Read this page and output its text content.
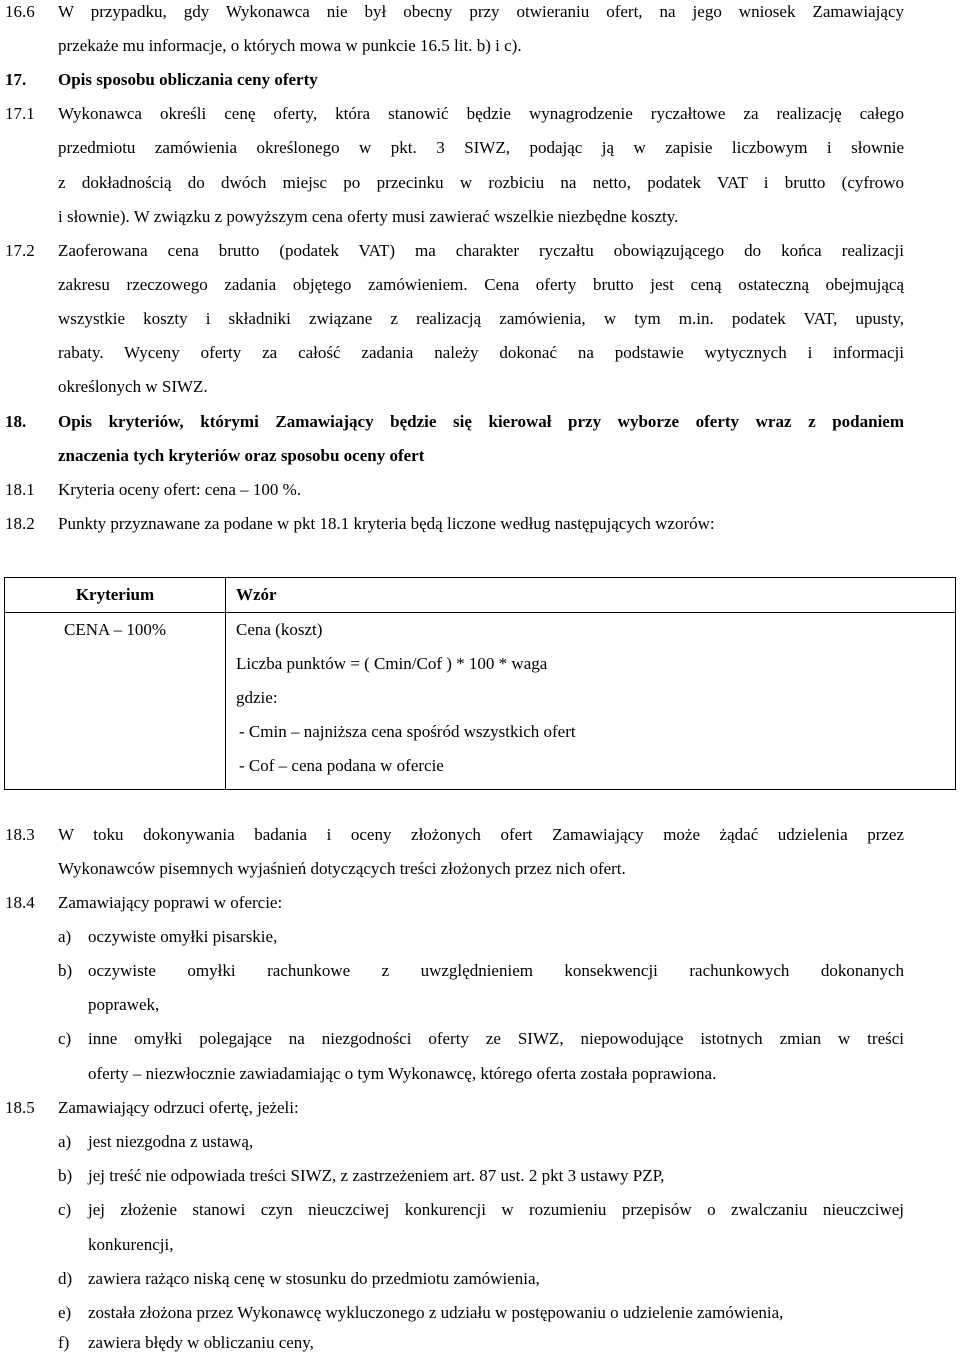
16.6 W przypadku, gdy Wykonawca nie był obecny przy otwieraniu ofert, na jego wniosek Zamawiający
przekaże mu informacje, o których mowa w punkcie 16.5 lit. b) i c).
17. Opis sposobu obliczania ceny oferty
17.1 Wykonawca określi cenę oferty, która stanowić będzie wynagrodzenie ryczałtowe za realizację całego
przedmiotu zamówienia określonego w pkt. 3 SIWZ, podając ją w zapisie liczbowym i słownie
z dokładnością do dwóch miejsc po przecinku w rozbiciu na netto, podatek VAT i brutto (cyfrowo
i słownie). W związku z powyższym cena oferty musi zawierać wszelkie niezbędne koszty.
17.2 Zaoferowana cena brutto (podatek VAT) ma charakter ryczałtu obowiązującego do końca realizacji
zakresu rzeczowego zadania objętego zamówieniem. Cena oferty brutto jest ceną ostateczną obejmującą
wszystkie koszty i składniki związane z realizacją zamówienia, w tym m.in. podatek VAT, upusty,
rabaty. Wyceny oferty za całość zadania należy dokonać na podstawie wytycznych i informacji
określonych w SIWZ.
18. Opis kryteriów, którymi Zamawiający będzie się kierował przy wyborze oferty wraz z podaniem
znaczenia tych kryteriów oraz sposobu oceny ofert
18.1 Kryteria oceny ofert: cena – 100 %.
18.2 Punkty przyznawane za podane w pkt 18.1 kryteria będą liczone według następujących wzorów:
Kryterium	Wzór

CENA – 100%	Cena (koszt)
Liczba punktów = ( Cmin/Cof ) * 100 * waga
gdzie:
- Cmin – najniższa cena spośród wszystkich ofert
- Cof – cena podana w ofercie
18.3 W toku dokonywania badania i oceny złożonych ofert Zamawiający może żądać udzielenia przez
Wykonawców pisemnych wyjaśnień dotyczących treści złożonych przez nich ofert.
18.4 Zamawiający poprawi w ofercie:
a) oczywiste omyłki pisarskie,
b) oczywiste omyłki rachunkowe z uwzględnieniem konsekwencji rachunkowych dokonanych
poprawek,
c) inne omyłki polegające na niezgodności oferty ze SIWZ, niepowodujące istotnych zmian w treści
oferty – niezwłocznie zawiadamiając o tym Wykonawcę, którego oferta została poprawiona.
18.5 Zamawiający odrzuci ofertę, jeżeli:
a) jest niezgodna z ustawą,
b) jej treść nie odpowiada treści SIWZ, z zastrzeżeniem art. 87 ust. 2 pkt 3 ustawy PZP,
c) jej złożenie stanowi czyn nieuczciwej konkurencji w rozumieniu przepisów o zwalczaniu nieuczciwej
konkurencji,
d) zawiera rażąco niską cenę w stosunku do przedmiotu zamówienia,
e) została złożona przez Wykonawcę wykluczonego z udziału w postępowaniu o udzielenie zamówienia,
f) zawiera błędy w obliczaniu ceny,
